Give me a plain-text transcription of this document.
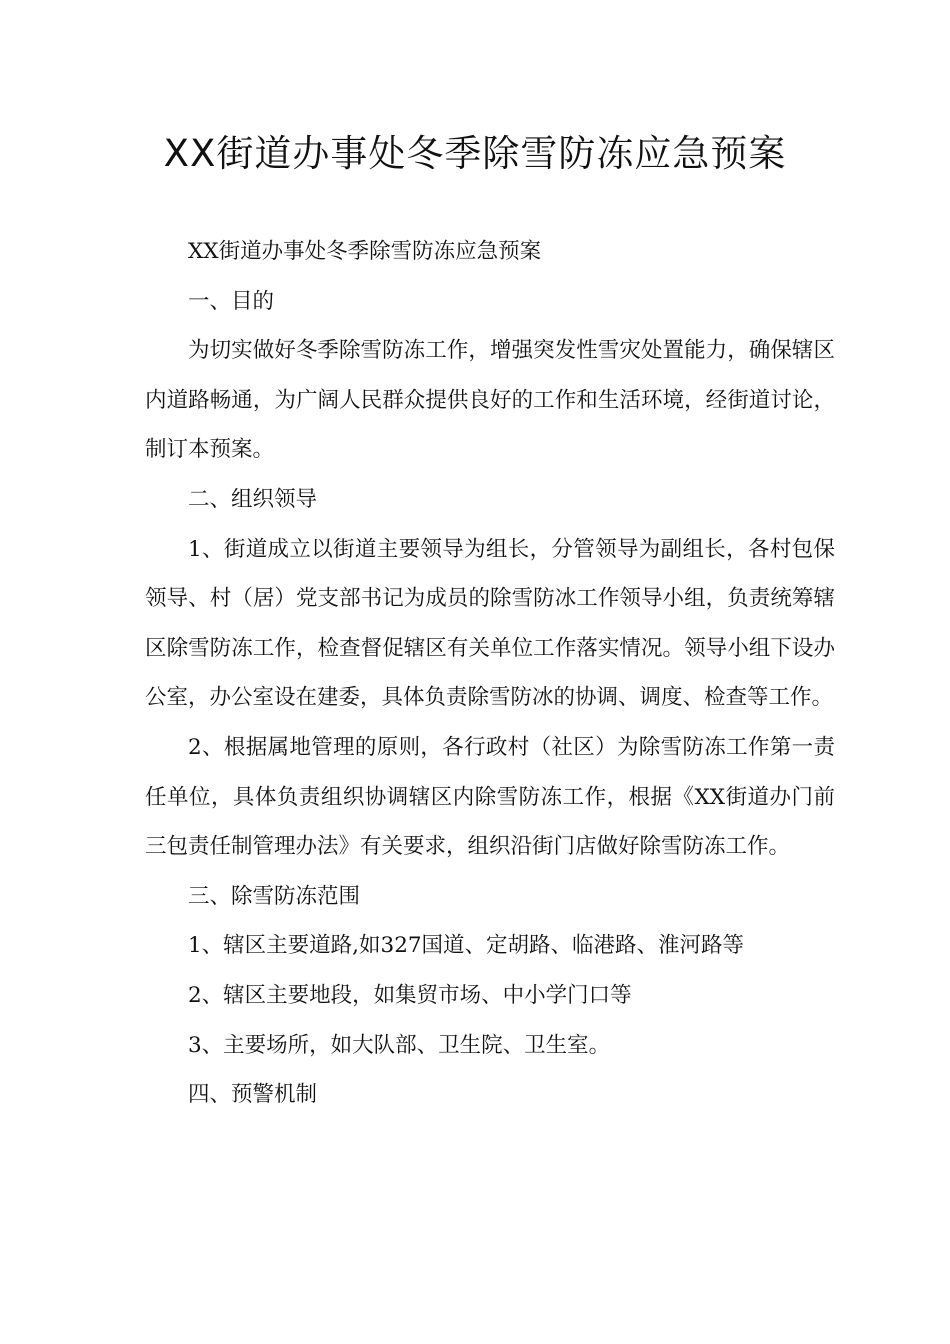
XX街道办事处冬季除雪防冻应急预案

XX街道办事处冬季除雪防冻应急预案

一、目的

为切实做好冬季除雪防冻工作，增强突发性雪灾处置能力，确保辖区内道路畅通，为广阔人民群众提供良好的工作和生活环境，经街道讨论，制订本预案。

二、组织领导

1、街道成立以街道主要领导为组长，分管领导为副组长，各村包保领导、村（居）党支部书记为成员的除雪防冰工作领导小组，负责统筹辖区除雪防冻工作，检查督促辖区有关单位工作落实情况。领导小组下设办公室，办公室设在建委，具体负责除雪防冰的协调、调度、检查等工作。

2、根据属地管理的原则，各行政村（社区）为除雪防冻工作第一责任单位，具体负责组织协调辖区内除雪防冻工作，根据《XX街道办门前三包责任制管理办法》有关要求，组织沿街门店做好除雪防冻工作。

三、除雪防冻范围

1、辖区主要道路,如327国道、定胡路、临港路、淮河路等

2、辖区主要地段，如集贸市场、中小学门口等

3、主要场所，如大队部、卫生院、卫生室。

四、预警机制
